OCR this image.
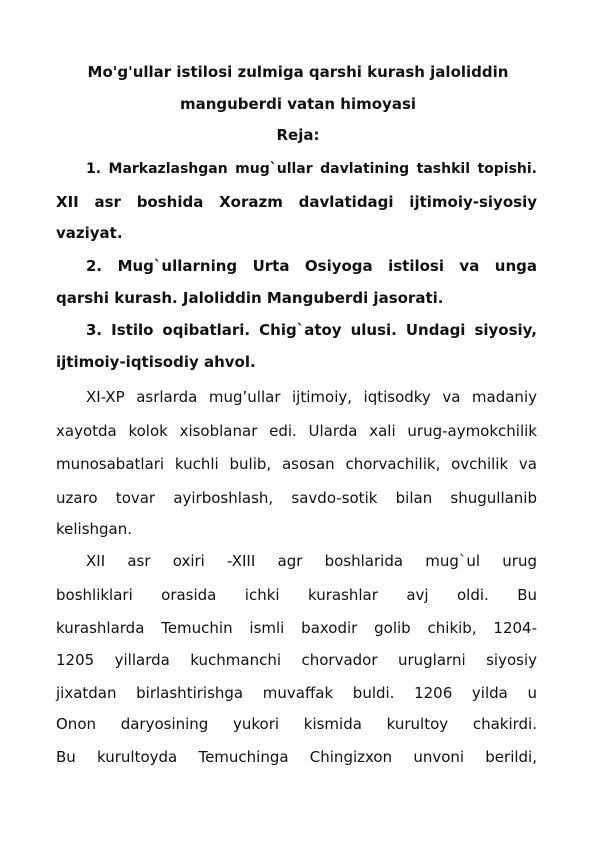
Mo'g'ullar istilosi zulmiga qarshi kurash jaloliddin
manguberdi vatan himoyasi
Reja:
1. Markazlashgan mug`ullar davlatining tashkil topishi.
XII asr boshida Xorazm davlatidagi ijtimoiy-siyosiy
vaziyat.
2. Mug`ullarning Urta Osiyoga istilosi va unga
qarshi kurash. Jaloliddin Manguberdi jasorati.
3. Istilo oqibatlari. Chig`atoy ulusi. Undagi siyosiy,
ijtimoiy-iqtisodiy ahvol.
XI-XP asrlarda mug’ullar ijtimoiy, iqtisodky va madaniy
xayotda kolok xisoblanar edi. Ularda xali urug-aymokchilik
munosabatlari kuchli bulib, asosan chorvachilik, ovchilik va
uzaro tovar ayirboshlash, savdo-sotik bilan shugullanib
kelishgan.
XII asr oxiri -XIII agr boshlarida mug`ul urug
boshliklari orasida ichki kurashlar avj oldi. Bu
kurashlarda Temuchin ismli baxodir golib chikib, 1204-
1205 yillarda kuchmanchi chorvador uruglarni siyosiy
jixatdan birlashtirishga muvaffak buldi. 1206 yilda u
Onon daryosining yukori kismida kurultoy chakirdi.
Bu kurultoyda Temuchinga Chingizxon unvoni berildi,
